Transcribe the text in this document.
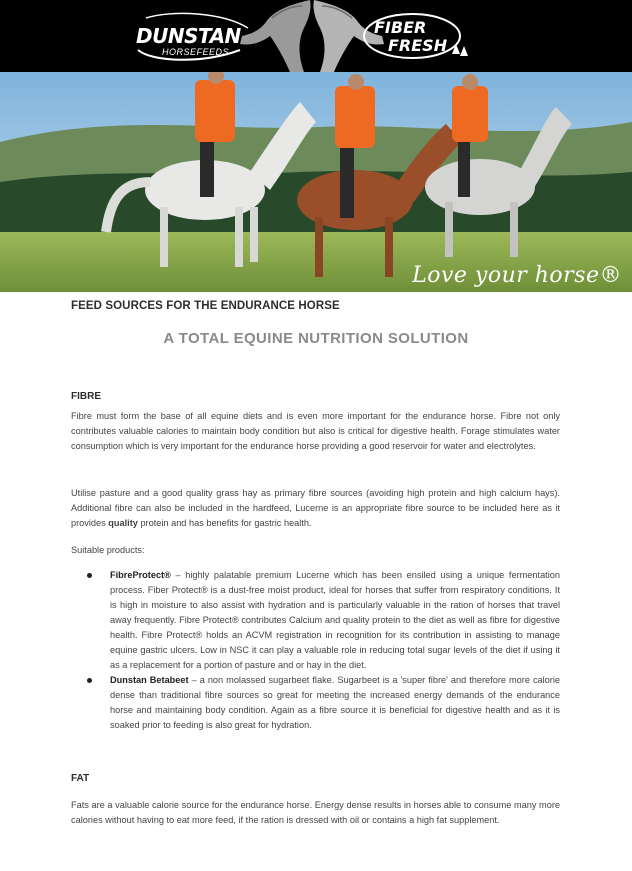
DUNSTAN
HORSEFEEDS
FIBER
FRESH
Love your horse®
FEED SOURCES FOR THE ENDURANCE HORSE
A TOTAL EQUINE NUTRITION SOLUTION
FIBRE

Fibre must form the base of all equine diets and is even more important for the endurance horse. Fibre not only contributes valuable calories to maintain body condition but also is critical for digestive health. Forage stimulates water consumption which is very important for the endurance horse providing a good reservoir for water and electrolytes.

Utilise pasture and a good quality grass hay as primary fibre sources (avoiding high protein and high calcium hays). Additional fibre can also be included in the hardfeed, Lucerne is an appropriate fibre source to be included here as it provides quality protein and has benefits for gastric health.

Suitable products:

FibreProtect® – highly palatable premium Lucerne which has been ensiled using a unique fermentation process. Fiber Protect® is a dust-free moist product, ideal for horses that suffer from respiratory conditions. It is high in moisture to also assist with hydration and is particularly valuable in the ration of horses that travel away frequently. Fibre Protect® contributes Calcium and quality protein to the diet as well as fibre for digestive health. Fibre Protect® holds an ACVM registration in recognition for its contribution in assisting to manage equine gastric ulcers. Low in NSC it can play a valuable role in reducing total sugar levels of the diet if using it as a replacement for a portion of pasture and or hay in the diet.
Dunstan Betabeet – a non molassed sugarbeet flake. Sugarbeet is a 'super fibre' and therefore more calorie dense than traditional fibre sources so great for meeting the increased energy demands of the endurance horse and maintaining body condition. Again as a fibre source it is beneficial for digestive health and as it is soaked prior to feeding is also great for hydration.
FAT

Fats are a valuable calorie source for the endurance horse. Energy dense results in horses able to consume many more calories without having to eat more feed, if the ration is dressed with oil or contains a high fat supplement.
